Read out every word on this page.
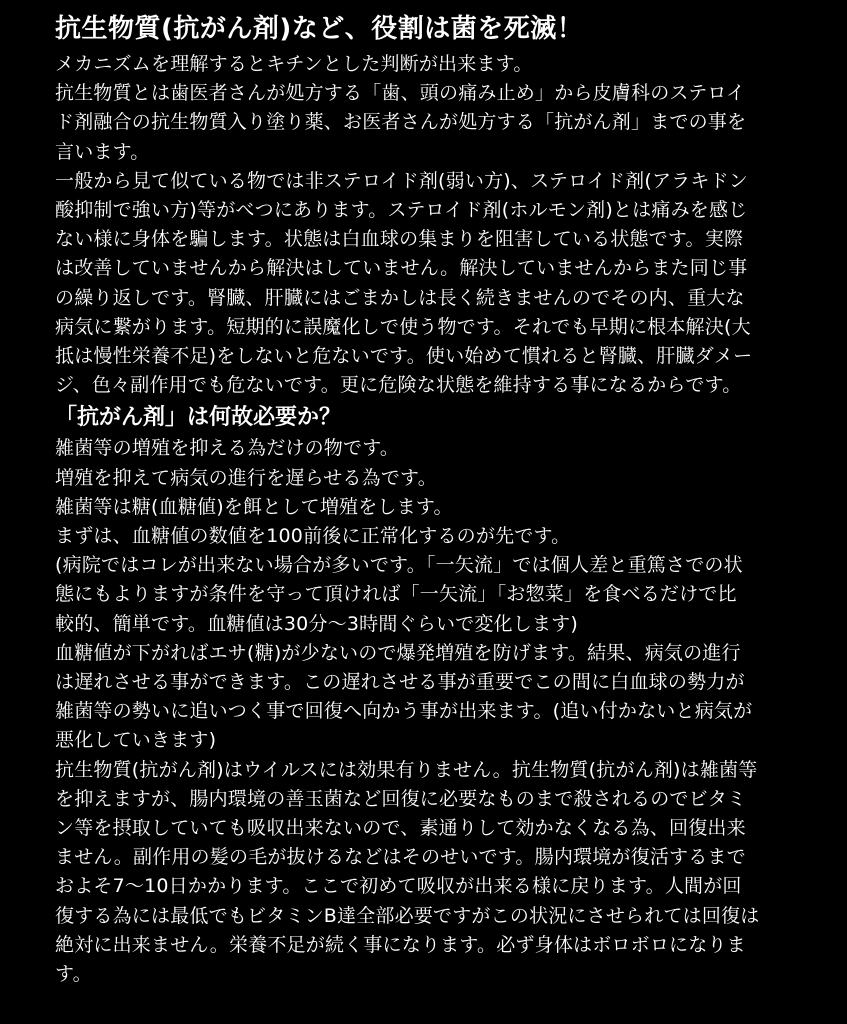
抗生物質(抗がん剤)など、役割は菌を死滅！

メカニズムを理解するとキチンとした判断が出来ます。
抗生物質とは歯医者さんが処方する「歯、頭の痛み止め」から皮膚科のステロイ
ド剤融合の抗生物質入り塗り薬、お医者さんが処方する「抗がん剤」までの事を
言います。
一般から見て似ている物では非ステロイド剤(弱い方)、ステロイド剤(アラキドン
酸抑制で強い方)等がべつにあります。ステロイド剤(ホルモン剤)とは痛みを感じ
ない様に身体を騙します。状態は白血球の集まりを阻害している状態です。実際
は改善していませんから解決はしていません。解決していませんからまた同じ事
の繰り返しです。腎臓、肝臓にはごまかしは長く続きませんのでその内、重大な
病気に繋がります。短期的に誤魔化しで使う物です。それでも早期に根本解決(大
抵は慢性栄養不足)をしないと危ないです。使い始めて慣れると腎臓、肝臓ダメー
ジ、色々副作用でも危ないです。更に危険な状態を維持する事になるからです。

「抗がん剤」は何故必要か？

雑菌等の増殖を抑える為だけの物です。
増殖を抑えて病気の進行を遅らせる為です。
雑菌等は糖(血糖値)を餌として増殖をします。
まずは、血糖値の数値を100前後に正常化するのが先です。
(病院ではコレが出来ない場合が多いです。「一矢流」では個人差と重篤さでの状
態にもよりますが条件を守って頂ければ「一矢流」「お惣菜」を食べるだけで比
較的、簡単です。血糖値は30分〜3時間ぐらいで変化します)
血糖値が下がればエサ(糖)が少ないので爆発増殖を防げます。結果、病気の進行
は遅れさせる事ができます。この遅れさせる事が重要でこの間に白血球の勢力が
雑菌等の勢いに追いつく事で回復へ向かう事が出来ます。(追い付かないと病気が
悪化していきます)
抗生物質(抗がん剤)はウイルスには効果有りません。抗生物質(抗がん剤)は雑菌等
を抑えますが、腸内環境の善玉菌など回復に必要なものまで殺されるのでビタミ
ン等を摂取していても吸収出来ないので、素通りして効かなくなる為、回復出来
ません。副作用の髪の毛が抜けるなどはそのせいです。腸内環境が復活するまで
およそ7〜10日かかります。ここで初めて吸収が出来る様に戻ります。人間が回
復する為には最低でもビタミンB達全部必要ですがこの状況にさせられては回復は
絶対に出来ません。栄養不足が続く事になります。必ず身体はボロボロになりま
す。
